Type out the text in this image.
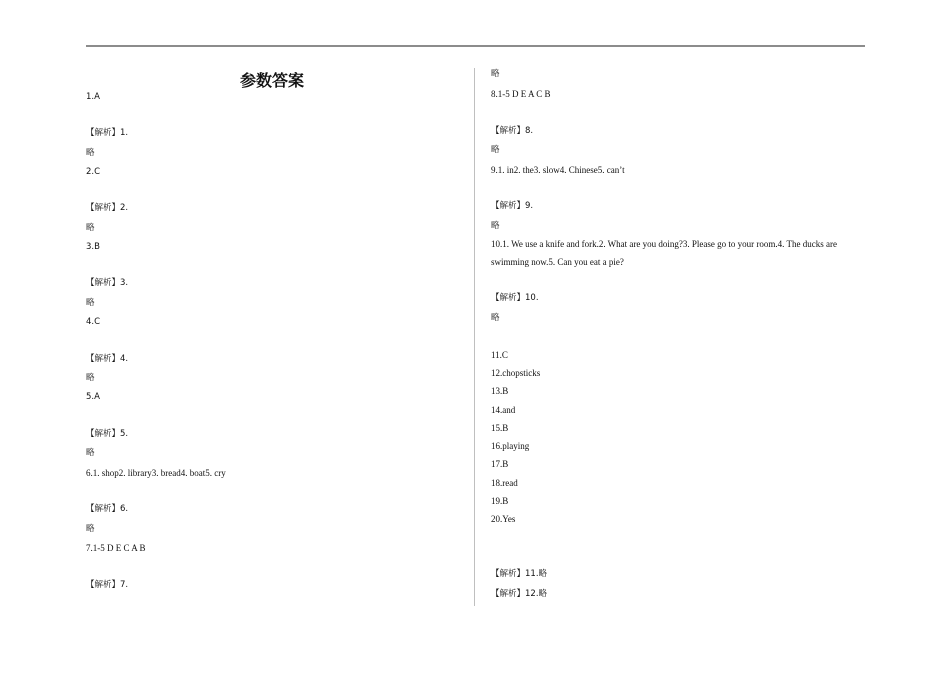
参数答案
1.A
【解析】1.
略
2.C
【解析】2.
略
3.B
【解析】3.
略
4.C
【解析】4.
略
5.A
【解析】5.
略
6.1. shop2. library3. bread4. boat5. cry
【解析】6.
略
7.1-5 D E C A B
【解析】7.
略
8.1-5 D E A C B
【解析】8.
略
9.1. in2. the3. slow4. Chinese5. can’t
【解析】9.
略
10.1. We use a knife and fork.2. What are you doing?3. Please go to your room.4. The ducks are swimming now.5. Can you eat a pie?
【解析】10.
略
11.C
12.chopsticks
13.B
14.and
15.B
16.playing
17.B
18.read
19.B
20.Yes
【解析】11.略
【解析】12.略
